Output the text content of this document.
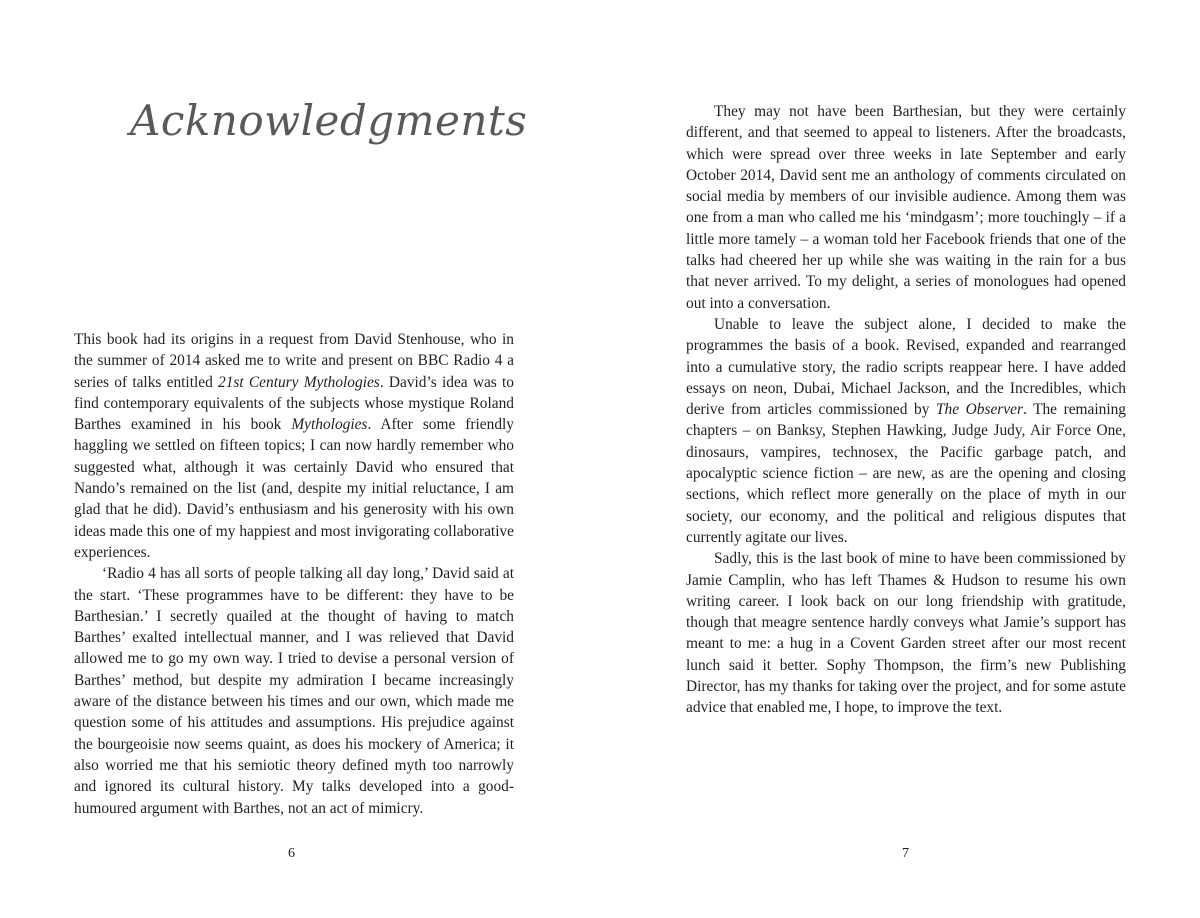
Acknowledgments

This book had its origins in a request from David Stenhouse, who in the summer of 2014 asked me to write and present on BBC Radio 4 a series of talks entitled 21st Century Mythologies. David’s idea was to find contemporary equivalents of the subjects whose mystique Roland Barthes examined in his book Mythologies. After some friendly haggling we settled on fifteen topics; I can now hardly remember who suggested what, although it was certainly David who ensured that Nando’s remained on the list (and, despite my initial reluctance, I am glad that he did). David’s enthusiasm and his generosity with his own ideas made this one of my happiest and most invigorating collaborative experiences.

‘Radio 4 has all sorts of people talking all day long,’ David said at the start. ‘These programmes have to be different: they have to be Barthesian.’ I secretly quailed at the thought of having to match Barthes’ exalted intellectual manner, and I was relieved that David allowed me to go my own way. I tried to devise a personal version of Barthes’ method, but despite my admiration I became increasingly aware of the distance between his times and our own, which made me question some of his attitudes and assumptions. His prejudice against the bourgeoisie now seems quaint, as does his mockery of America; it also worried me that his semiotic theory defined myth too narrowly and ignored its cultural history. My talks developed into a good-humoured argument with Barthes, not an act of mimicry.

6

They may not have been Barthesian, but they were certainly different, and that seemed to appeal to listeners. After the broadcasts, which were spread over three weeks in late September and early October 2014, David sent me an anthology of comments circulated on social media by members of our invisible audience. Among them was one from a man who called me his ‘mindgasm’; more touchingly – if a little more tamely – a woman told her Facebook friends that one of the talks had cheered her up while she was waiting in the rain for a bus that never arrived. To my delight, a series of monologues had opened out into a conversation.

Unable to leave the subject alone, I decided to make the programmes the basis of a book. Revised, expanded and rearranged into a cumulative story, the radio scripts reappear here. I have added essays on neon, Dubai, Michael Jackson, and the Incredibles, which derive from articles commissioned by The Observer. The remaining chapters – on Banksy, Stephen Hawking, Judge Judy, Air Force One, dinosaurs, vampires, technosex, the Pacific garbage patch, and apocalyptic science fiction – are new, as are the opening and closing sections, which reflect more generally on the place of myth in our society, our economy, and the political and religious disputes that currently agitate our lives.

Sadly, this is the last book of mine to have been commissioned by Jamie Camplin, who has left Thames & Hudson to resume his own writing career. I look back on our long friendship with gratitude, though that meagre sentence hardly conveys what Jamie’s support has meant to me: a hug in a Covent Garden street after our most recent lunch said it better. Sophy Thompson, the firm’s new Publishing Director, has my thanks for taking over the project, and for some astute advice that enabled me, I hope, to improve the text.

7
